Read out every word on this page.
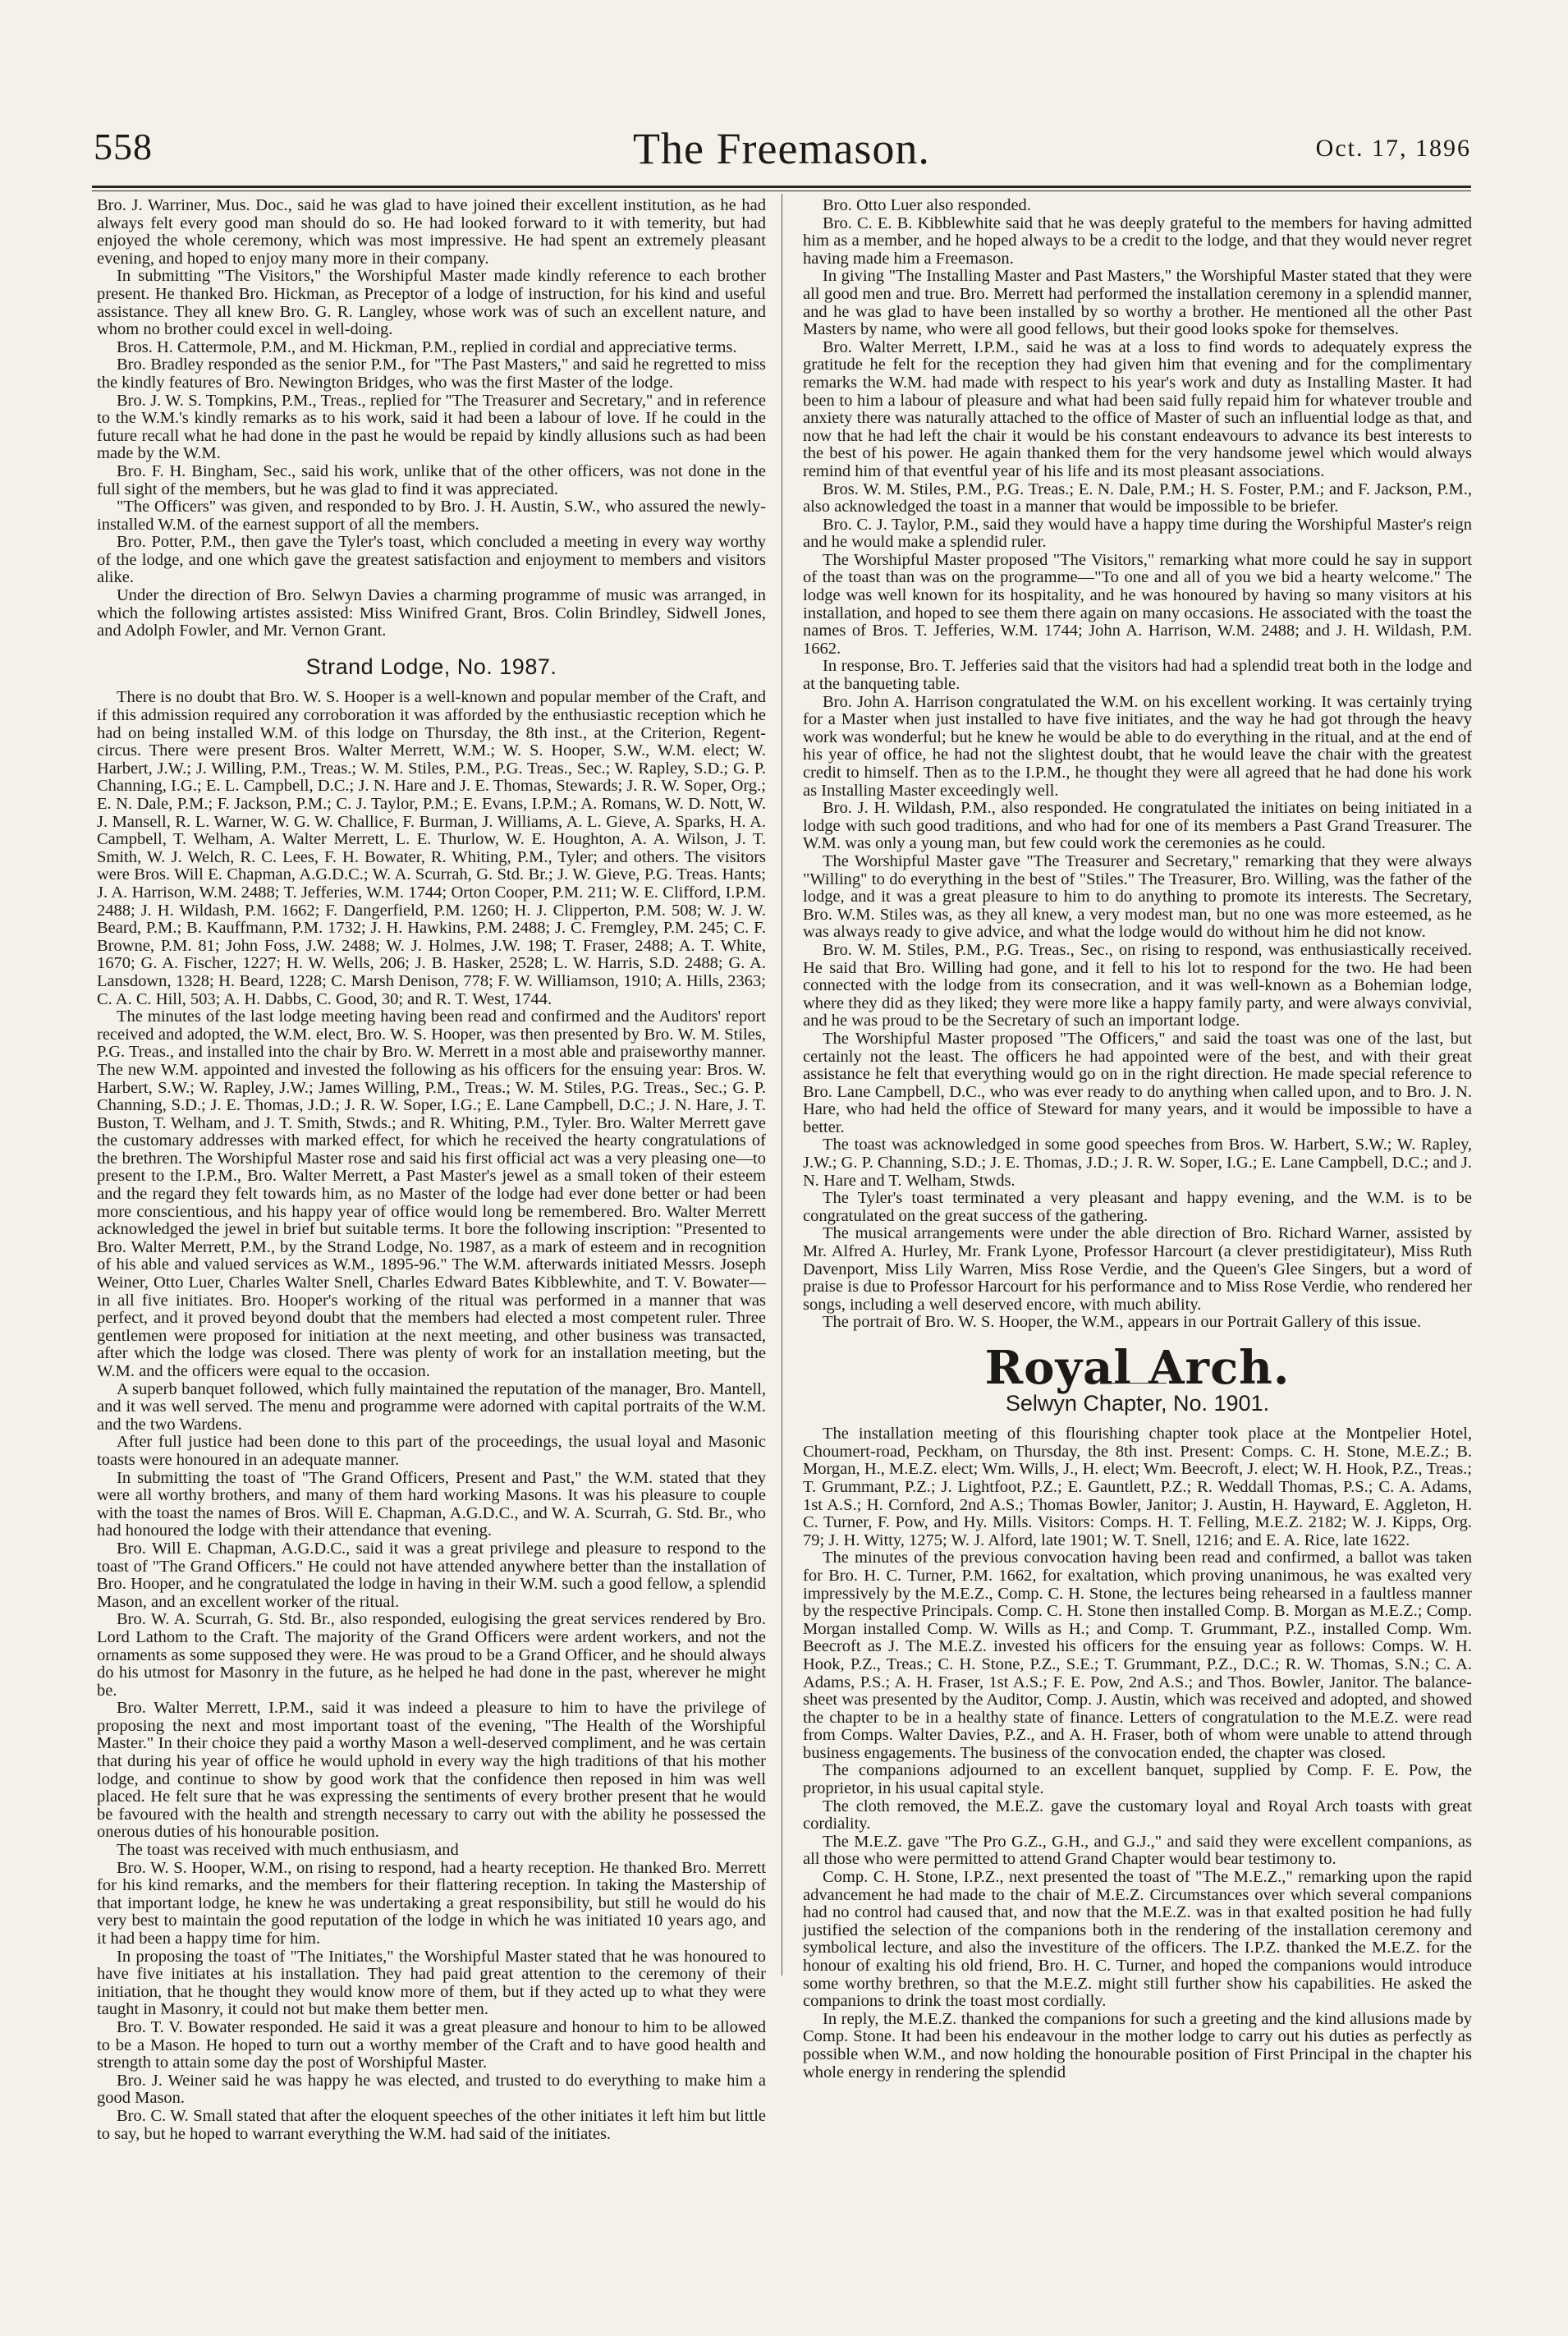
558	The Freemason.	Oct. 17, 1896

Bro. J. Warriner, Mus. Doc., said he was glad to have joined their excellent institution, as he had always felt every good man should do so. He had looked forward to it with temerity, but had enjoyed the whole ceremony, which was most impressive. He had spent an extremely pleasant evening, and hoped to enjoy many more in their company.

In submitting "The Visitors," the Worshipful Master made kindly reference to each brother present. He thanked Bro. Hickman, as Preceptor of a lodge of instruction, for his kind and useful assistance. They all knew Bro. G. R. Langley, whose work was of such an excellent nature, and whom no brother could excel in well-doing.

Bros. H. Cattermole, P.M., and M. Hickman, P.M., replied in cordial and appreciative terms.

Bro. Bradley responded as the senior P.M., for "The Past Masters," and said he regretted to miss the kindly features of Bro. Newington Bridges, who was the first Master of the lodge.

Bro. J. W. S. Tompkins, P.M., Treas., replied for "The Treasurer and Secretary," and in reference to the W.M.'s kindly remarks as to his work, said it had been a labour of love. If he could in the future recall what he had done in the past he would be repaid by kindly allusions such as had been made by the W.M.

Bro. F. H. Bingham, Sec., said his work, unlike that of the other officers, was not done in the full sight of the members, but he was glad to find it was appreciated.

"The Officers" was given, and responded to by Bro. J. H. Austin, S.W., who assured the newly-installed W.M. of the earnest support of all the members.

Bro. Potter, P.M., then gave the Tyler's toast, which concluded a meeting in every way worthy of the lodge, and one which gave the greatest satisfaction and enjoyment to members and visitors alike.

Under the direction of Bro. Selwyn Davies a charming programme of music was arranged, in which the following artistes assisted: Miss Winifred Grant, Bros. Colin Brindley, Sidwell Jones, and Adolph Fowler, and Mr. Vernon Grant.

Strand Lodge, No. 1987.

There is no doubt that Bro. W. S. Hooper is a well-known and popular member of the Craft, and if this admission required any corroboration it was afforded by the enthusiastic reception which he had on being installed W.M. of this lodge on Thursday, the 8th inst., at the Criterion, Regent-circus. There were present Bros. Walter Merrett, W.M.; W. S. Hooper, S.W., W.M. elect; W. Harbert, J.W.; J. Willing, P.M., Treas.; W. M. Stiles, P.M., P.G. Treas., Sec.; W. Rapley, S.D.; G. P. Channing, I.G.; E. L. Campbell, D.C.; J. N. Hare and J. E. Thomas, Stewards; J. R. W. Soper, Org.; E. N. Dale, P.M.; F. Jackson, P.M.; C. J. Taylor, P.M.; E. Evans, I.P.M.; A. Romans, W. D. Nott, W. J. Mansell, R. L. Warner, W. G. W. Challice, F. Burman, J. Williams, A. L. Gieve, A. Sparks, H. A. Campbell, T. Welham, A. Walter Merrett, L. E. Thurlow, W. E. Houghton, A. A. Wilson, J. T. Smith, W. J. Welch, R. C. Lees, F. H. Bowater, R. Whiting, P.M., Tyler; and others. The visitors were Bros. Will E. Chapman, A.G.D.C.; W. A. Scurrah, G. Std. Br.; J. W. Gieve, P.G. Treas. Hants; J. A. Harrison, W.M. 2488; T. Jefferies, W.M. 1744; Orton Cooper, P.M. 211; W. E. Clifford, I.P.M. 2488; J. H. Wildash, P.M. 1662; F. Dangerfield, P.M. 1260; H. J. Clipperton, P.M. 508; W. J. W. Beard, P.M.; B. Kauffmann, P.M. 1732; J. H. Hawkins, P.M. 2488; J. C. Fremgley, P.M. 245; C. F. Browne, P.M. 81; John Foss, J.W. 2488; W. J. Holmes, J.W. 198; T. Fraser, 2488; A. T. White, 1670; G. A. Fischer, 1227; H. W. Wells, 206; J. B. Hasker, 2528; L. W. Harris, S.D. 2488; G. A. Lansdown, 1328; H. Beard, 1228; C. Marsh Denison, 778; F. W. Williamson, 1910; A. Hills, 2363; C. A. C. Hill, 503; A. H. Dabbs, C. Good, 30; and R. T. West, 1744.

The minutes of the last lodge meeting having been read and confirmed and the Auditors' report received and adopted, the W.M. elect, Bro. W. S. Hooper, was then presented by Bro. W. M. Stiles, P.G. Treas., and installed into the chair by Bro. W. Merrett in a most able and praiseworthy manner. The new W.M. appointed and invested the following as his officers for the ensuing year: Bros. W. Harbert, S.W.; W. Rapley, J.W.; James Willing, P.M., Treas.; W. M. Stiles, P.G. Treas., Sec.; G. P. Channing, S.D.; J. E. Thomas, J.D.; J. R. W. Soper, I.G.; E. Lane Campbell, D.C.; J. N. Hare, J. T. Buston, T. Welham, and J. T. Smith, Stwds.; and R. Whiting, P.M., Tyler. Bro. Walter Merrett gave the customary addresses with marked effect, for which he received the hearty congratulations of the brethren. The Worshipful Master rose and said his first official act was a very pleasing one—to present to the I.P.M., Bro. Walter Merrett, a Past Master's jewel as a small token of their esteem and the regard they felt towards him, as no Master of the lodge had ever done better or had been more conscientious, and his happy year of office would long be remembered. Bro. Walter Merrett acknowledged the jewel in brief but suitable terms. It bore the following inscription: "Presented to Bro. Walter Merrett, P.M., by the Strand Lodge, No. 1987, as a mark of esteem and in recognition of his able and valued services as W.M., 1895-96." The W.M. afterwards initiated Messrs. Joseph Weiner, Otto Luer, Charles Walter Snell, Charles Edward Bates Kibblewhite, and T. V. Bowater—in all five initiates. Bro. Hooper's working of the ritual was performed in a manner that was perfect, and it proved beyond doubt that the members had elected a most competent ruler. Three gentlemen were proposed for initiation at the next meeting, and other business was transacted, after which the lodge was closed. There was plenty of work for an installation meeting, but the W.M. and the officers were equal to the occasion.

A superb banquet followed, which fully maintained the reputation of the manager, Bro. Mantell, and it was well served. The menu and programme were adorned with capital portraits of the W.M. and the two Wardens.

After full justice had been done to this part of the proceedings, the usual loyal and Masonic toasts were honoured in an adequate manner.

In submitting the toast of "The Grand Officers, Present and Past," the W.M. stated that they were all worthy brothers, and many of them hard working Masons. It was his pleasure to couple with the toast the names of Bros. Will E. Chapman, A.G.D.C., and W. A. Scurrah, G. Std. Br., who had honoured the lodge with their attendance that evening.

Bro. Will E. Chapman, A.G.D.C., said it was a great privilege and pleasure to respond to the toast of "The Grand Officers." He could not have attended anywhere better than the installation of Bro. Hooper, and he congratulated the lodge in having in their W.M. such a good fellow, a splendid Mason, and an excellent worker of the ritual.

Bro. W. A. Scurrah, G. Std. Br., also responded, eulogising the great services rendered by Bro. Lord Lathom to the Craft. The majority of the Grand Officers were ardent workers, and not the ornaments as some supposed they were. He was proud to be a Grand Officer, and he should always do his utmost for Masonry in the future, as he helped he had done in the past, wherever he might be.

Bro. Walter Merrett, I.P.M., said it was indeed a pleasure to him to have the privilege of proposing the next and most important toast of the evening, "The Health of the Worshipful Master." In their choice they paid a worthy Mason a well-deserved compliment, and he was certain that during his year of office he would uphold in every way the high traditions of that his mother lodge, and continue to show by good work that the confidence then reposed in him was well placed. He felt sure that he was expressing the sentiments of every brother present that he would be favoured with the health and strength necessary to carry out with the ability he possessed the onerous duties of his honourable position.

The toast was received with much enthusiasm, and

Bro. W. S. Hooper, W.M., on rising to respond, had a hearty reception. He thanked Bro. Merrett for his kind remarks, and the members for their flattering reception. In taking the Mastership of that important lodge, he knew he was undertaking a great responsibility, but still he would do his very best to maintain the good reputation of the lodge in which he was initiated 10 years ago, and it had been a happy time for him.

In proposing the toast of "The Initiates," the Worshipful Master stated that he was honoured to have five initiates at his installation. They had paid great attention to the ceremony of their initiation, that he thought they would know more of them, but if they acted up to what they were taught in Masonry, it could not but make them better men.

Bro. T. V. Bowater responded. He said it was a great pleasure and honour to him to be allowed to be a Mason. He hoped to turn out a worthy member of the Craft and to have good health and strength to attain some day the post of Worshipful Master.

Bro. J. Weiner said he was happy he was elected, and trusted to do everything to make him a good Mason.

Bro. C. W. Small stated that after the eloquent speeches of the other initiates it left him but little to say, but he hoped to warrant everything the W.M. had said of the initiates.

Bro. Otto Luer also responded.

Bro. C. E. B. Kibblewhite said that he was deeply grateful to the members for having admitted him as a member, and he hoped always to be a credit to the lodge, and that they would never regret having made him a Freemason.

In giving "The Installing Master and Past Masters," the Worshipful Master stated that they were all good men and true. Bro. Merrett had performed the installation ceremony in a splendid manner, and he was glad to have been installed by so worthy a brother. He mentioned all the other Past Masters by name, who were all good fellows, but their good looks spoke for themselves.

Bro. Walter Merrett, I.P.M., said he was at a loss to find words to adequately express the gratitude he felt for the reception they had given him that evening and for the complimentary remarks the W.M. had made with respect to his year's work and duty as Installing Master. It had been to him a labour of pleasure and what had been said fully repaid him for whatever trouble and anxiety there was naturally attached to the office of Master of such an influential lodge as that, and now that he had left the chair it would be his constant endeavours to advance its best interests to the best of his power. He again thanked them for the very handsome jewel which would always remind him of that eventful year of his life and its most pleasant associations.

Bros. W. M. Stiles, P.M., P.G. Treas.; E. N. Dale, P.M.; H. S. Foster, P.M.; and F. Jackson, P.M., also acknowledged the toast in a manner that would be impossible to be briefer.

Bro. C. J. Taylor, P.M., said they would have a happy time during the Worshipful Master's reign and he would make a splendid ruler.

The Worshipful Master proposed "The Visitors," remarking what more could he say in support of the toast than was on the programme—"To one and all of you we bid a hearty welcome." The lodge was well known for its hospitality, and he was honoured by having so many visitors at his installation, and hoped to see them there again on many occasions. He associated with the toast the names of Bros. T. Jefferies, W.M. 1744; John A. Harrison, W.M. 2488; and J. H. Wildash, P.M. 1662.

In response, Bro. T. Jefferies said that the visitors had had a splendid treat both in the lodge and at the banqueting table.

Bro. John A. Harrison congratulated the W.M. on his excellent working. It was certainly trying for a Master when just installed to have five initiates, and the way he had got through the heavy work was wonderful; but he knew he would be able to do everything in the ritual, and at the end of his year of office, he had not the slightest doubt, that he would leave the chair with the greatest credit to himself. Then as to the I.P.M., he thought they were all agreed that he had done his work as Installing Master exceedingly well.

Bro. J. H. Wildash, P.M., also responded. He congratulated the initiates on being initiated in a lodge with such good traditions, and who had for one of its members a Past Grand Treasurer. The W.M. was only a young man, but few could work the ceremonies as he could.

The Worshipful Master gave "The Treasurer and Secretary," remarking that they were always "Willing" to do everything in the best of "Stiles." The Treasurer, Bro. Willing, was the father of the lodge, and it was a great pleasure to him to do anything to promote its interests. The Secretary, Bro. W.M. Stiles was, as they all knew, a very modest man, but no one was more esteemed, as he was always ready to give advice, and what the lodge would do without him he did not know.

Bro. W. M. Stiles, P.M., P.G. Treas., Sec., on rising to respond, was enthusiastically received. He said that Bro. Willing had gone, and it fell to his lot to respond for the two. He had been connected with the lodge from its consecration, and it was well-known as a Bohemian lodge, where they did as they liked; they were more like a happy family party, and were always convivial, and he was proud to be the Secretary of such an important lodge.

The Worshipful Master proposed "The Officers," and said the toast was one of the last, but certainly not the least. The officers he had appointed were of the best, and with their great assistance he felt that everything would go on in the right direction. He made special reference to Bro. Lane Campbell, D.C., who was ever ready to do anything when called upon, and to Bro. J. N. Hare, who had held the office of Steward for many years, and it would be impossible to have a better.

The toast was acknowledged in some good speeches from Bros. W. Harbert, S.W.; W. Rapley, J.W.; G. P. Channing, S.D.; J. E. Thomas, J.D.; J. R. W. Soper, I.G.; E. Lane Campbell, D.C.; and J. N. Hare and T. Welham, Stwds.

The Tyler's toast terminated a very pleasant and happy evening, and the W.M. is to be congratulated on the great success of the gathering.

The musical arrangements were under the able direction of Bro. Richard Warner, assisted by Mr. Alfred A. Hurley, Mr. Frank Lyone, Professor Harcourt (a clever prestidigitateur), Miss Ruth Davenport, Miss Lily Warren, Miss Rose Verdie, and the Queen's Glee Singers, but a word of praise is due to Professor Harcourt for his performance and to Miss Rose Verdie, who rendered her songs, including a well deserved encore, with much ability.

The portrait of Bro. W. S. Hooper, the W.M., appears in our Portrait Gallery of this issue.

Royal Arch.
Selwyn Chapter, No. 1901.

The installation meeting of this flourishing chapter took place at the Montpelier Hotel, Choumert-road, Peckham, on Thursday, the 8th inst. Present: Comps. C. H. Stone, M.E.Z.; B. Morgan, H., M.E.Z. elect; Wm. Wills, J., H. elect; Wm. Beecroft, J. elect; W. H. Hook, P.Z., Treas.; T. Grummant, P.Z.; J. Lightfoot, P.Z.; E. Gauntlett, P.Z.; R. Weddall Thomas, P.S.; C. A. Adams, 1st A.S.; H. Cornford, 2nd A.S.; Thomas Bowler, Janitor; J. Austin, H. Hayward, E. Aggleton, H. C. Turner, F. Pow, and Hy. Mills. Visitors: Comps. H. T. Felling, M.E.Z. 2182; W. J. Kipps, Org. 79; J. H. Witty, 1275; W. J. Alford, late 1901; W. T. Snell, 1216; and E. A. Rice, late 1622.

The minutes of the previous convocation having been read and confirmed, a ballot was taken for Bro. H. C. Turner, P.M. 1662, for exaltation, which proving unanimous, he was exalted very impressively by the M.E.Z., Comp. C. H. Stone, the lectures being rehearsed in a faultless manner by the respective Principals. Comp. C. H. Stone then installed Comp. B. Morgan as M.E.Z.; Comp. Morgan installed Comp. W. Wills as H.; and Comp. T. Grummant, P.Z., installed Comp. Wm. Beecroft as J. The M.E.Z. invested his officers for the ensuing year as follows: Comps. W. H. Hook, P.Z., Treas.; C. H. Stone, P.Z., S.E.; T. Grummant, P.Z., D.C.; R. W. Thomas, S.N.; C. A. Adams, P.S.; A. H. Fraser, 1st A.S.; F. E. Pow, 2nd A.S.; and Thos. Bowler, Janitor. The balance-sheet was presented by the Auditor, Comp. J. Austin, which was received and adopted, and showed the chapter to be in a healthy state of finance. Letters of congratulation to the M.E.Z. were read from Comps. Walter Davies, P.Z., and A. H. Fraser, both of whom were unable to attend through business engagements. The business of the convocation ended, the chapter was closed.

The companions adjourned to an excellent banquet, supplied by Comp. F. E. Pow, the proprietor, in his usual capital style.

The cloth removed, the M.E.Z. gave the customary loyal and Royal Arch toasts with great cordiality.

The M.E.Z. gave "The Pro G.Z., G.H., and G.J.," and said they were excellent companions, as all those who were permitted to attend Grand Chapter would bear testimony to.

Comp. C. H. Stone, I.P.Z., next presented the toast of "The M.E.Z.," remarking upon the rapid advancement he had made to the chair of M.E.Z. Circumstances over which several companions had no control had caused that, and now that the M.E.Z. was in that exalted position he had fully justified the selection of the companions both in the rendering of the installation ceremony and symbolical lecture, and also the investiture of the officers. The I.P.Z. thanked the M.E.Z. for the honour of exalting his old friend, Bro. H. C. Turner, and hoped the companions would introduce some worthy brethren, so that the M.E.Z. might still further show his capabilities. He asked the companions to drink the toast most cordially.

In reply, the M.E.Z. thanked the companions for such a greeting and the kind allusions made by Comp. Stone. It had been his endeavour in the mother lodge to carry out his duties as perfectly as possible when W.M., and now holding the honourable position of First Principal in the chapter his whole energy in rendering the splendid
